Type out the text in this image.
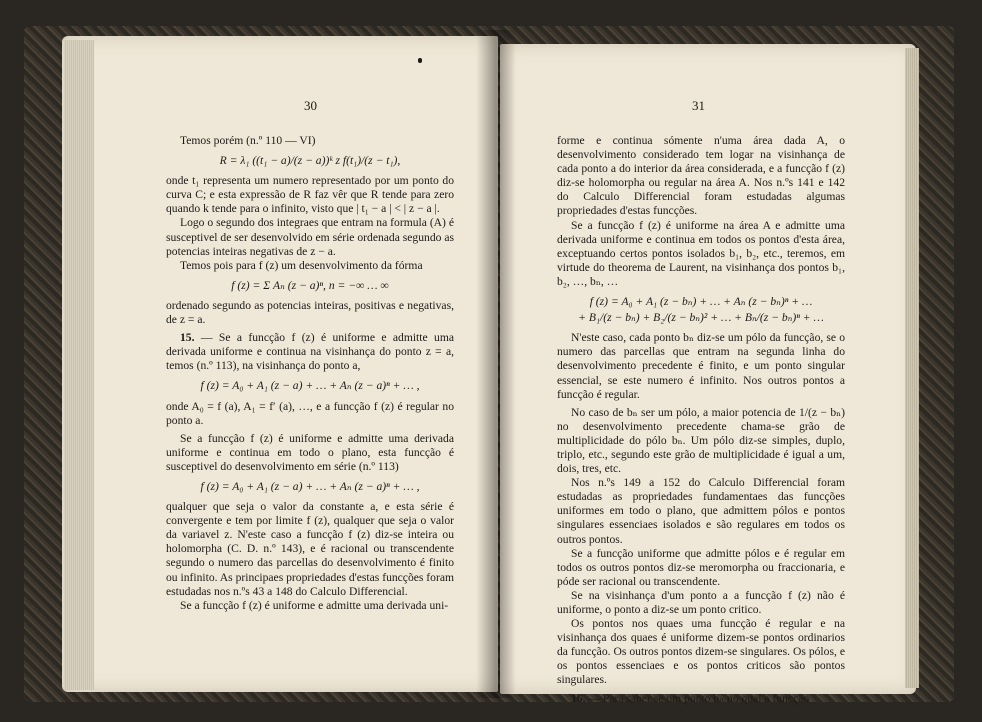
30

Temos porém (n.º 110 — VI)

R = λ₁ ((t₁ − a)/(z − a))ᵏ z f(t₁)/(z − t₁),

onde t₁ representa um numero representado por um ponto do curva C; e esta expressão de R faz vêr que R tende para zero quando k tende para o infinito, visto que | t₁ − a | < | z − a |.

Logo o segundo dos integraes que entram na formula (A) é susceptivel de ser desenvolvido em série ordenada segundo as potencias inteiras negativas de z − a.

Temos pois para f (z) um desenvolvimento da fórma

f (z) = Σ Aₙ (z − a)ⁿ, n = −∞ … ∞

ordenado segundo as potencias inteiras, positivas e negativas, de z = a.

15. — Se a funcção f (z) é uniforme e admitte uma derivada uniforme e continua na visinhança do ponto z = a, temos (n.º 113), na visinhança do ponto a,

f (z) = A₀ + A₁ (z − a) + … + Aₙ (z − a)ⁿ + … ,

onde A₀ = f (a), A₁ = f′ (a), …, e a funcção f (z) é regular no ponto a.

Se a funcção f (z) é uniforme e admitte uma derivada uniforme e continua em todo o plano, esta funcção é susceptivel do desenvolvimento em série (n.º 113)

f (z) = A₀ + A₁ (z − a) + … + Aₙ (z − a)ⁿ + … ,

qualquer que seja o valor da constante a, e esta série é convergente e tem por limite f (z), qualquer que seja o valor da variavel z. N'este caso a funcção f (z) diz-se inteira ou holomorpha (C. D. n.º 143), e é racional ou transcendente segundo o numero das parcellas do desenvolvimento é finito ou infinito. As principaes propriedades d'estas funcções foram estudadas nos n.ºs 43 a 148 do Calculo Differencial.

Se a funcção f (z) é uniforme e admitte uma derivada uni-

31

forme e continua sómente n'uma área dada A, o desenvolvimento considerado tem logar na visinhança de cada ponto a do interior da área considerada, e a funcção f (z) diz-se holomorpha ou regular na área A. Nos n.ºs 141 e 142 do Calculo Differencial foram estudadas algumas propriedades d'estas funcções.

Se a funcção f (z) é uniforme na área A e admitte uma derivada uniforme e continua em todos os pontos d'esta área, exceptuando certos pontos isolados b₁, b₂, etc., teremos, em virtude do theorema de Laurent, na visinhança dos pontos b₁, b₂, …, bₙ, …

f (z) = A₀ + A₁ (z − bₙ) + … + Aₙ (z − bₙ)ⁿ + …
+ B₁/(z − bₙ) + B₂/(z − bₙ)² + … + Bₙ/(z − bₙ)ⁿ + …

N'este caso, cada ponto bₙ diz-se um pólo da funcção, se o numero das parcellas que entram na segunda linha do desenvolvimento precedente é finito, e um ponto singular essencial, se este numero é infinito. Nos outros pontos a funcção é regular.

No caso de bₙ ser um pólo, a maior potencia de 1/(z − bₙ) no desenvolvimento precedente chama-se grão de multiplicidade do pólo bₙ. Um pólo diz-se simples, duplo, triplo, etc., segundo este grão de multiplicidade é igual a um, dois, tres, etc.

Nos n.ºs 149 a 152 do Calculo Differencial foram estudadas as propriedades fundamentaes das funcções uniformes em todo o plano, que admittem pólos e pontos singulares essenciaes isolados e são regulares em todos os outros pontos.

Se a funcção uniforme que admitte pólos e é regular em todos os outros pontos diz-se meromorpha ou fraccionaria, e póde ser racional ou transcendente.

Se na visinhança d'um ponto a a funcção f (z) não é uniforme, o ponto a diz-se um ponto critico.

Os pontos nos quaes uma funcção é regular e na visinhança dos quaes é uniforme dizem-se pontos ordinarios da funcção. Os outros pontos dizem-se singulares. Os pólos, e os pontos essenciaes e os pontos criticos são pontos singulares.

16. — Para saber se um ponto bₙ no qual a funcção
